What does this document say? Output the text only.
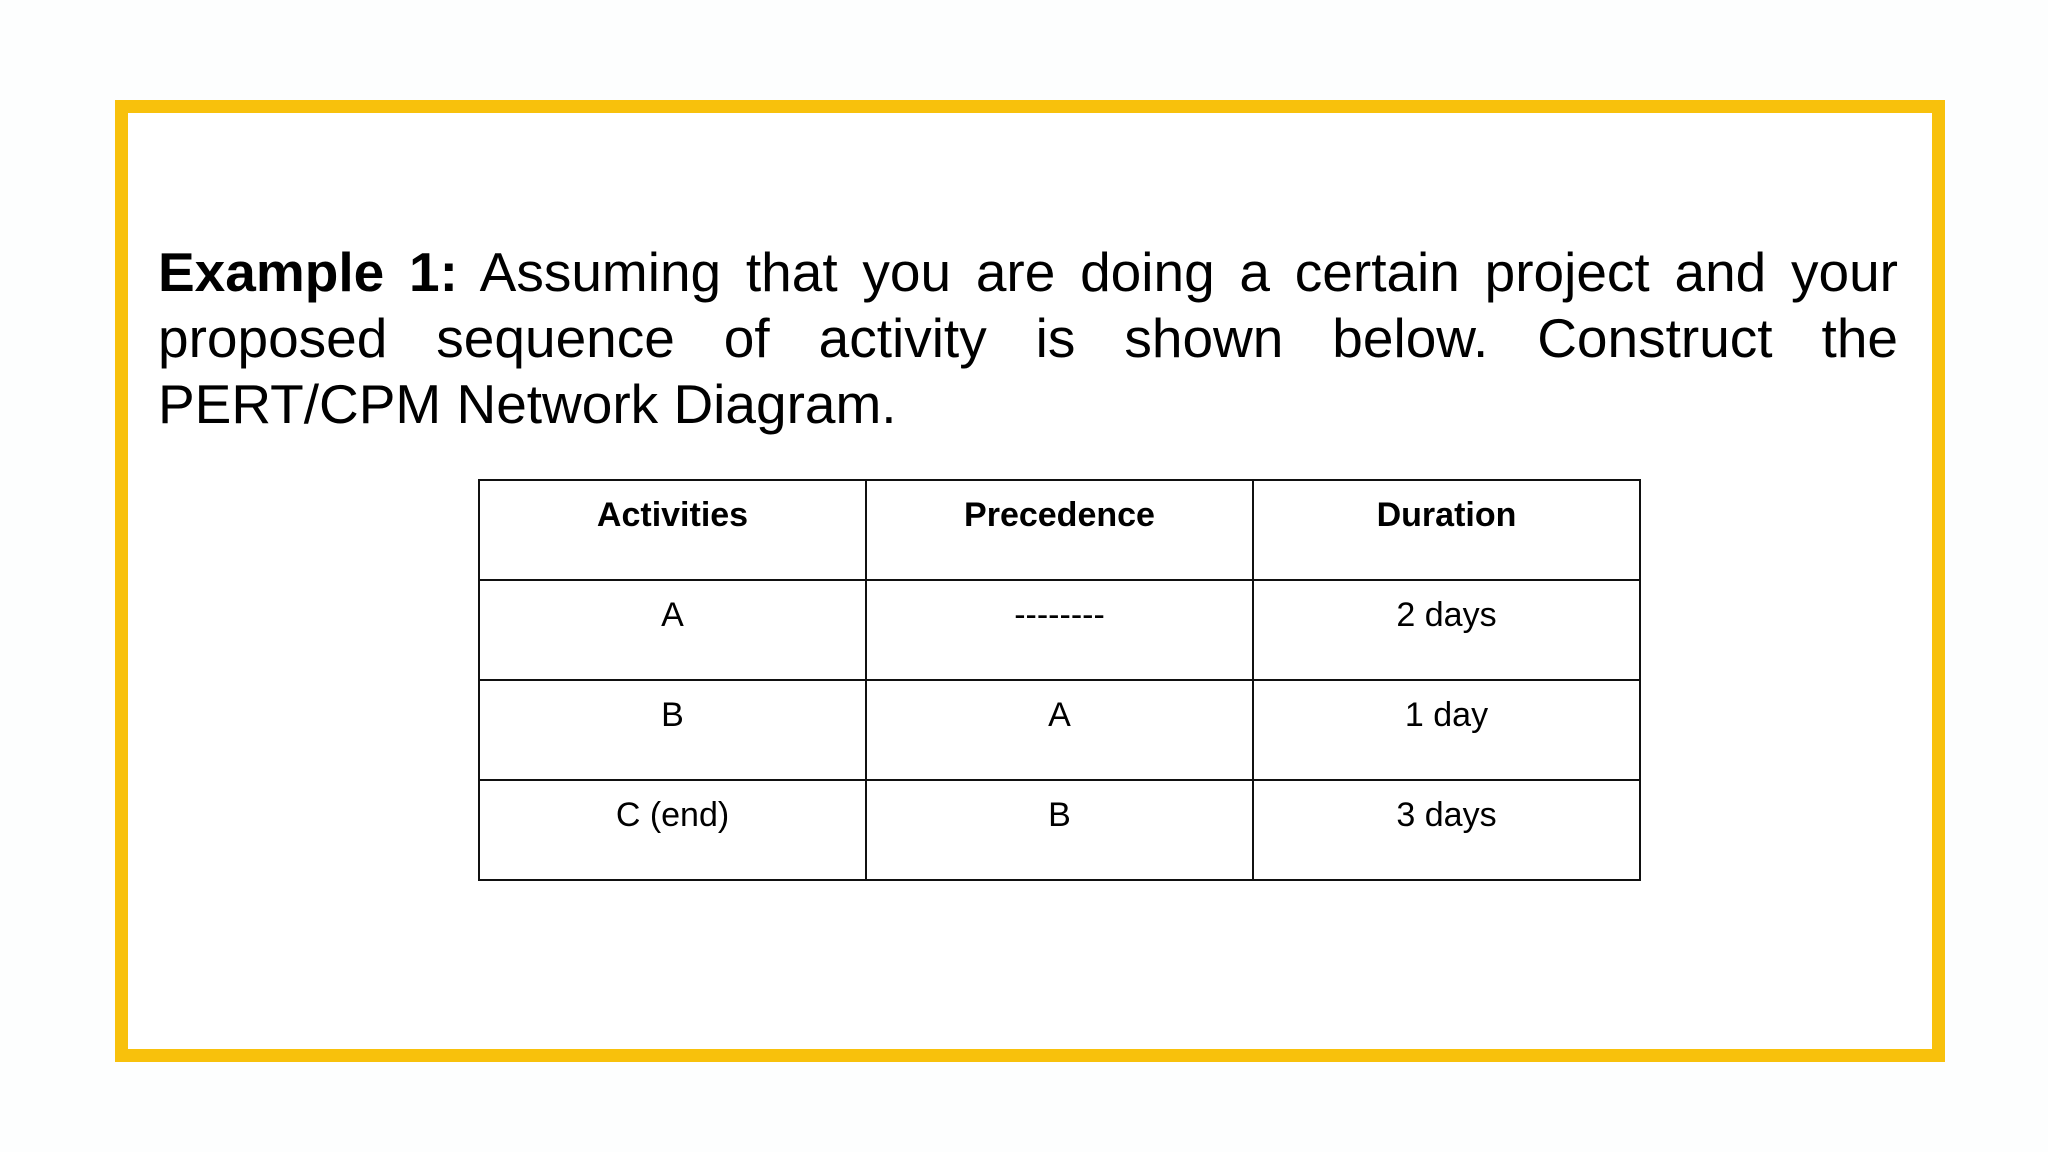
Example 1: Assuming that you are doing a certain project and your proposed sequence of activity is shown below. Construct the PERT/CPM Network Diagram.

Activities	Precedence	Duration
A	--------	2 days
B	A	1 day
C (end)	B	3 days
